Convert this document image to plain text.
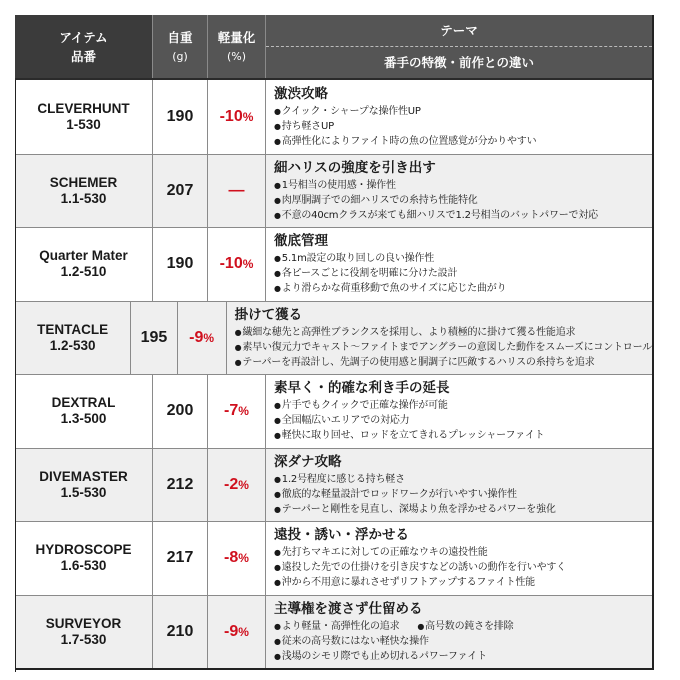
アイテム
品番
自重
(g)
軽量化
(%)
テーマ
番手の特徴・前作との違い
CLEVERHUNT
1-530	190 -10 %
激渋攻略
●クイック・シャープな操作性UP
●持ち軽さUP
●高弾性化によりファイト時の魚の位置感覚が分かりやすい
SCHEMER
1.1-530	207 —
細ハリスの強度を引き出す
●1号相当の使用感・操作性
●肉厚胴調子での細ハリスでの糸持ち性能特化
●不意の40cmクラスが来ても細ハリスで1.2号相当のバットパワーで対応
Quarter Mater
1.2-510	190 -10 %
徹底管理
●5.1m設定の取り回しの良い操作性
●各ピースごとに役割を明確に分けた設計
●より滑らかな荷重移動で魚のサイズに応じた曲がり
TENTACLE
1.2-530	195 -9 %
掛けて獲る
●繊細な穂先と高弾性ブランクスを採用し、より積極的に掛けて獲る性能追求
●素早い復元力でキャスト〜ファイトまでアングラーの意図した動作をスムーズにコントロール
●テーパーを再設計し、先調子の使用感と胴調子に匹敵するハリスの糸持ちを追求
DEXTRAL
1.3-500	200 -7 %
素早く・的確な利き手の延長
●片手でもクイックで正確な操作が可能
●全国幅広いエリアでの対応力
●軽快に取り回せ、ロッドを立てきれるプレッシャーファイト
DIVEMASTER
1.5-530	212 -2 %
深ダナ攻略
●1.2号程度に感じる持ち軽さ
●徹底的な軽量設計でロッドワークが行いやすい操作性
●テーパーと剛性を見直し、深場より魚を浮かせるパワーを強化
HYDROSCOPE
1.6-530	217 -8 %
遠投・誘い・浮かせる
●先打ちマキエに対しての正確なウキの遠投性能
●遠投した先での仕掛けを引き戻すなどの誘いの動作を行いやすく
●沖から不用意に暴れさせずリフトアップするファイト性能
SURVEYOR
1.7-530	210 -9 %
主導権を渡さず仕留める
●より軽量・高弾性化の追求 ●高号数の鈍さを排除
●従来の高号数にはない軽快な操作
●浅場のシモリ際でも止め切れるパワーファイト
